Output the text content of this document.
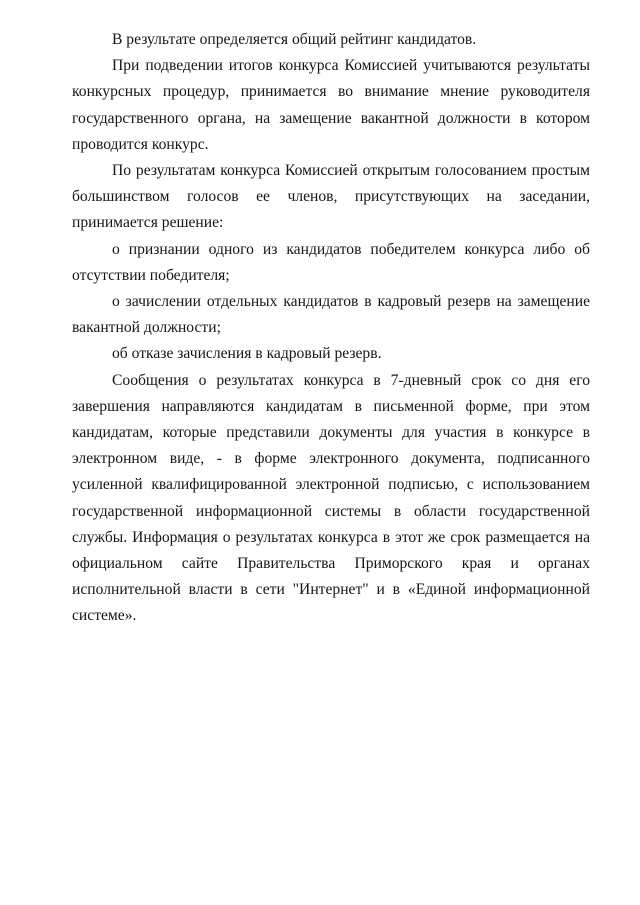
В результате определяется общий рейтинг кандидатов.

При подведении итогов конкурса Комиссией учитываются результаты конкурсных процедур, принимается во внимание мнение руководителя государственного органа, на замещение вакантной должности в котором проводится конкурс.

По результатам конкурса Комиссией открытым голосованием простым большинством голосов ее членов, присутствующих на заседании, принимается решение:

о признании одного из кандидатов победителем конкурса либо об отсутствии победителя;

о зачислении отдельных кандидатов в кадровый резерв на замещение вакантной должности;

об отказе зачисления в кадровый резерв.

Сообщения о результатах конкурса в 7-дневный срок со дня его завершения направляются кандидатам в письменной форме, при этом кандидатам, которые представили документы для участия в конкурсе в электронном виде, - в форме электронного документа, подписанного усиленной квалифицированной электронной подписью, с использованием государственной информационной системы в области государственной службы. Информация о результатах конкурса в этот же срок размещается на официальном сайте Правительства Приморского края и органах исполнительной власти в сети "Интернет" и в «Единой информационной системе».
